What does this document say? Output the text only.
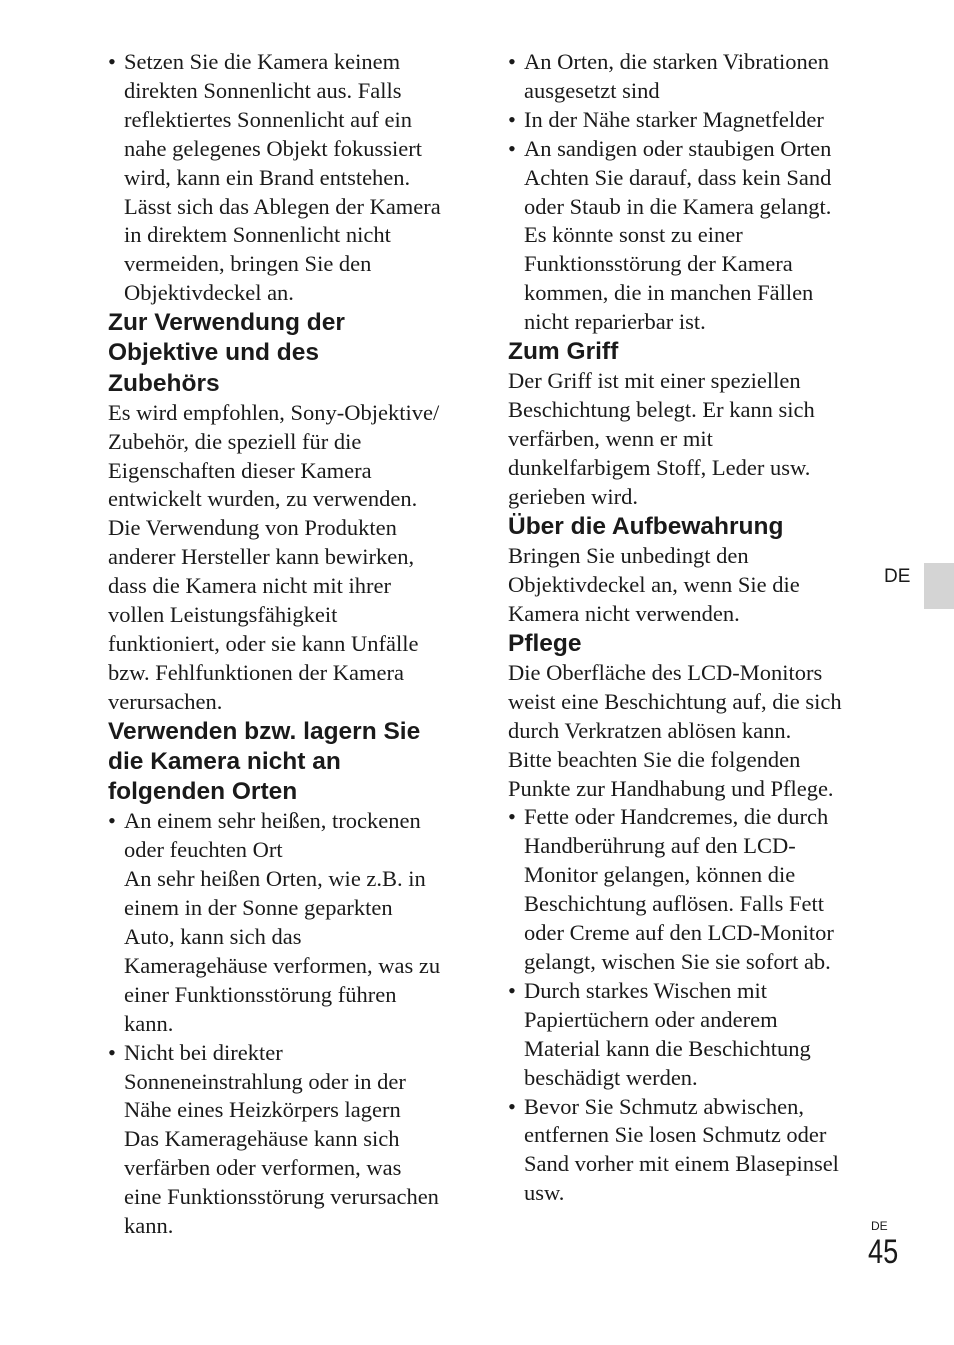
• Setzen Sie die Kamera keinem
direkten Sonnenlicht aus. Falls
reflektiertes Sonnenlicht auf ein
nahe gelegenes Objekt fokussiert
wird, kann ein Brand entstehen.
Lässt sich das Ablegen der Kamera
in direktem Sonnenlicht nicht
vermeiden, bringen Sie den
Objektivdeckel an.
Zur Verwendung der
Objektive und des
Zubehörs

Es wird empfohlen, Sony-Objektive/
Zubehör, die speziell für die
Eigenschaften dieser Kamera
entwickelt wurden, zu verwenden.
Die Verwendung von Produkten
anderer Hersteller kann bewirken,
dass die Kamera nicht mit ihrer
vollen Leistungsfähigkeit
funktioniert, oder sie kann Unfälle
bzw. Fehlfunktionen der Kamera
verursachen.

Verwenden bzw. lagern Sie
die Kamera nicht an
folgenden Orten
• An einem sehr heißen, trockenen
oder feuchten Ort
An sehr heißen Orten, wie z.B. in
einem in der Sonne geparkten
Auto, kann sich das
Kameragehäuse verformen, was zu
einer Funktionsstörung führen
kann.
• Nicht bei direkter
Sonneneinstrahlung oder in der
Nähe eines Heizkörpers lagern
Das Kameragehäuse kann sich
verfärben oder verformen, was
eine Funktionsstörung verursachen
kann.
• An Orten, die starken Vibrationen
ausgesetzt sind
• In der Nähe starker Magnetfelder
• An sandigen oder staubigen Orten
Achten Sie darauf, dass kein Sand
oder Staub in die Kamera gelangt.
Es könnte sonst zu einer
Funktionsstörung der Kamera
kommen, die in manchen Fällen
nicht reparierbar ist.
Zum Griff

Der Griff ist mit einer speziellen
Beschichtung belegt. Er kann sich
verfärben, wenn er mit
dunkelfarbigem Stoff, Leder usw.
gerieben wird.

Über die Aufbewahrung

Bringen Sie unbedingt den
Objektivdeckel an, wenn Sie die
Kamera nicht verwenden.

Pflege

Die Oberfläche des LCD-Monitors
weist eine Beschichtung auf, die sich
durch Verkratzen ablösen kann.
Bitte beachten Sie die folgenden
Punkte zur Handhabung und Pflege.

• Fette oder Handcremes, die durch
Handberührung auf den LCD-
Monitor gelangen, können die
Beschichtung auflösen. Falls Fett
oder Creme auf den LCD-Monitor
gelangt, wischen Sie sie sofort ab.
• Durch starkes Wischen mit
Papiertüchern oder anderem
Material kann die Beschichtung
beschädigt werden.
• Bevor Sie Schmutz abwischen,
entfernen Sie losen Schmutz oder
Sand vorher mit einem Blasepinsel
usw.
DE
DE
45
